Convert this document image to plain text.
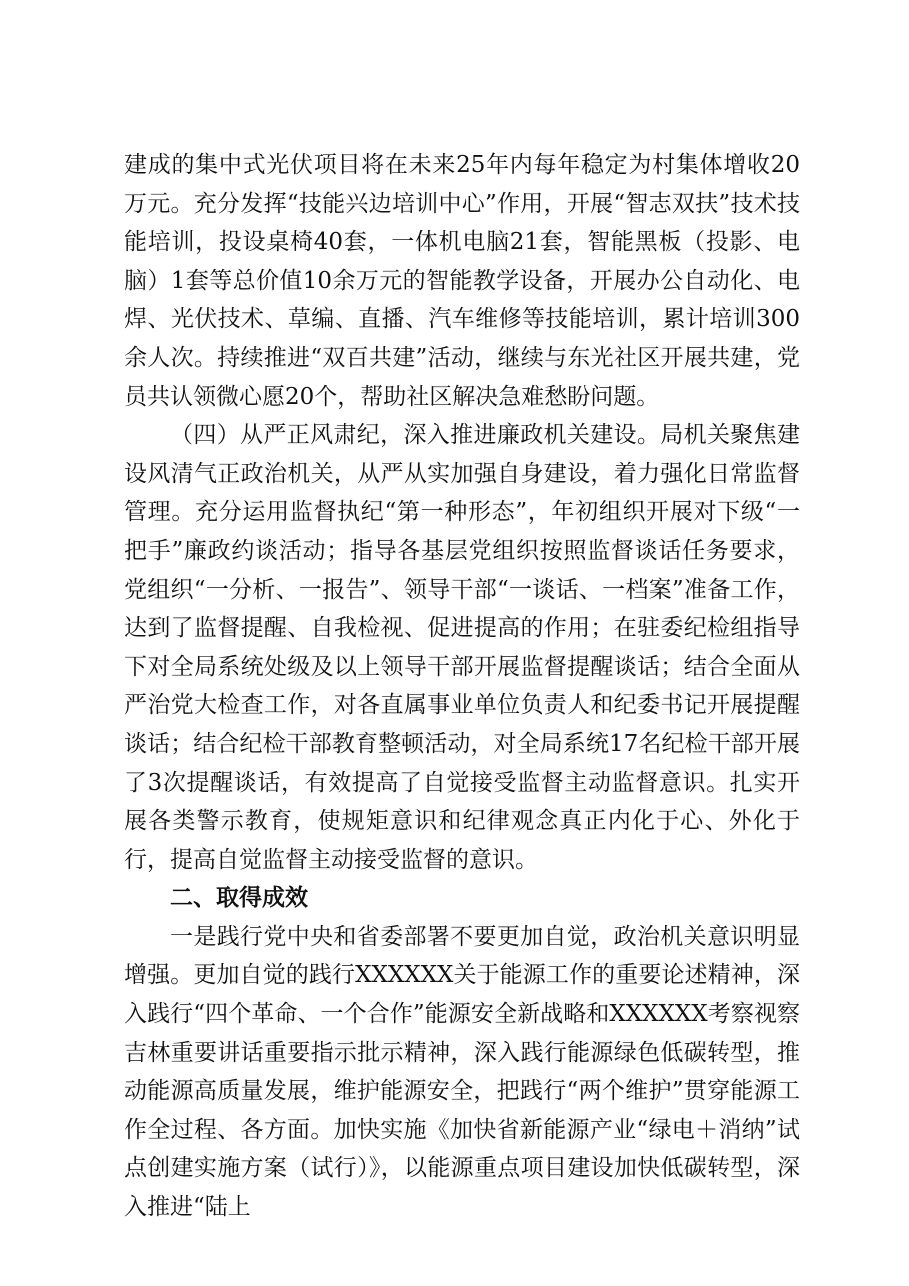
建成的集中式光伏项目将在未来25年内每年稳定为村集体增收20万元。充分发挥“技能兴边培训中心”作用，开展“智志双扶”技术技能培训，投设桌椅40套，一体机电脑21套，智能黑板（投影、电脑）1套等总价值10余万元的智能教学设备，开展办公自动化、电焊、光伏技术、草编、直播、汽车维修等技能培训，累计培训300余人次。持续推进“双百共建”活动，继续与东光社区开展共建，党员共认领微心愿20个，帮助社区解决急难愁盼问题。

（四）从严正风肃纪，深入推进廉政机关建设。局机关聚焦建设风清气正政治机关，从严从实加强自身建设，着力强化日常监督管理。充分运用监督执纪“第一种形态”，年初组织开展对下级“一把手”廉政约谈活动；指导各基层党组织按照监督谈话任务要求，党组织“一分析、一报告”、领导干部“一谈话、一档案”准备工作，达到了监督提醒、自我检视、促进提高的作用；在驻委纪检组指导下对全局系统处级及以上领导干部开展监督提醒谈话；结合全面从严治党大检查工作，对各直属事业单位负责人和纪委书记开展提醒谈话；结合纪检干部教育整顿活动，对全局系统17名纪检干部开展了3次提醒谈话，有效提高了自觉接受监督主动监督意识。扎实开展各类警示教育，使规矩意识和纪律观念真正内化于心、外化于行，提高自觉监督主动接受监督的意识。

二、取得成效

一是践行党中央和省委部署不要更加自觉，政治机关意识明显增强。更加自觉的践行XXXXXX关于能源工作的重要论述精神，深入践行“四个革命、一个合作”能源安全新战略和XXXXXX考察视察吉林重要讲话重要指示批示精神，深入践行能源绿色低碳转型，推动能源高质量发展，维护能源安全，把践行“两个维护”贯穿能源工作全过程、各方面。加快实施《加快省新能源产业“绿电＋消纳”试点创建实施方案（试行）》，以能源重点项目建设加快低碳转型，深入推进“陆上
